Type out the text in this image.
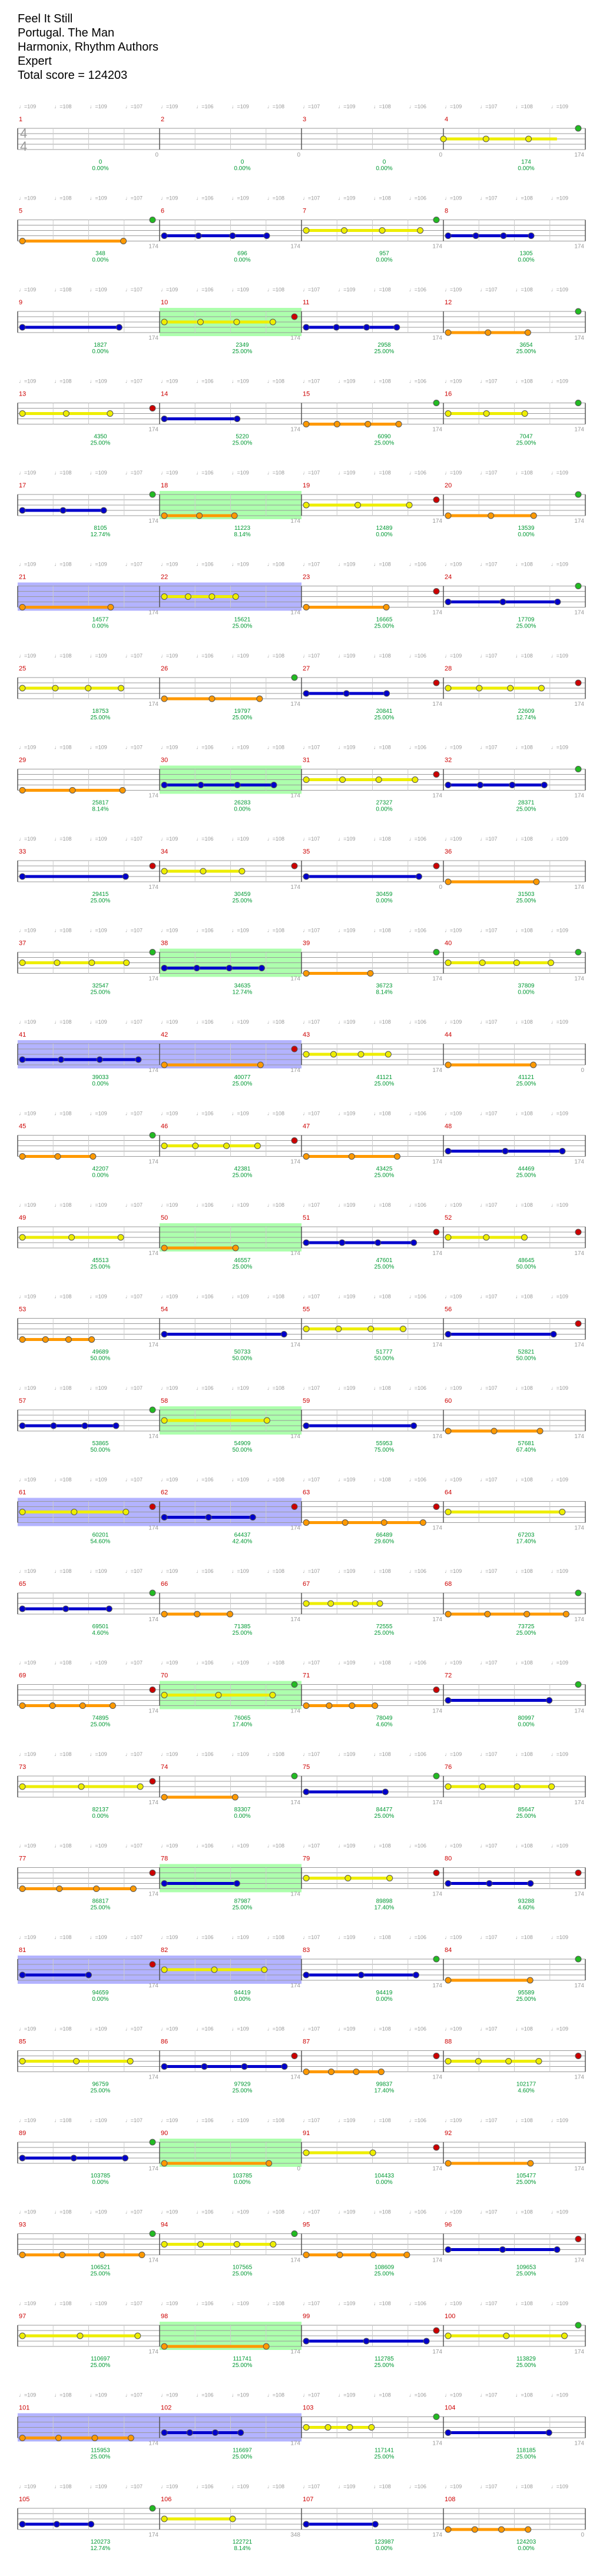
Feel It Still
Portugal. The Man
Harmonix, Rhythm Authors
Expert
Total score = 124203
♩=109	♩=108	♩=109	♩=107	♩=109	♩=106	♩=109	♩=108	♩=107	♩=109	♩=108	♩=106	♩=109	♩=107	♩=108	♩=109
1
0
0
0.00%
2
0
0
0.00%
3
0
0
0.00%
4
174
174
0.00%
4
4
♩=109	♩=108	♩=109	♩=107	♩=109	♩=106	♩=109	♩=108	♩=107	♩=109	♩=108	♩=106	♩=109	♩=107	♩=108	♩=109
5
174
348
0.00%
6
174
696
0.00%
7
174
957
0.00%
8
174
1305
0.00%
♩=109	♩=108	♩=109	♩=107	♩=109	♩=106	♩=109	♩=108	♩=107	♩=109	♩=108	♩=106	♩=109	♩=107	♩=108	♩=109
9
174
1827
0.00%
10
174
2349
25.00%
11
174
2958
25.00%
12
174
3654
25.00%
♩=109	♩=108	♩=109	♩=107	♩=109	♩=106	♩=109	♩=108	♩=107	♩=109	♩=108	♩=106	♩=109	♩=107	♩=108	♩=109
13
174
4350
25.00%
14
174
5220
25.00%
15
174
6090
25.00%
16
174
7047
25.00%
♩=109	♩=108	♩=109	♩=107	♩=109	♩=106	♩=109	♩=108	♩=107	♩=109	♩=108	♩=106	♩=109	♩=107	♩=108	♩=109
17
174
8105
12.74%
18
174
11223
8.14%
19
174
12489
0.00%
20
174
13539
0.00%
♩=109	♩=108	♩=109	♩=107	♩=109	♩=106	♩=109	♩=108	♩=107	♩=109	♩=108	♩=106	♩=109	♩=107	♩=108	♩=109
21
174
14577
0.00%
22
174
15621
25.00%
23
174
16665
25.00%
24
174
17709
25.00%
♩=109	♩=108	♩=109	♩=107	♩=109	♩=106	♩=109	♩=108	♩=107	♩=109	♩=108	♩=106	♩=109	♩=107	♩=108	♩=109
25
174
18753
25.00%
26
174
19797
25.00%
27
174
20841
25.00%
28
174
22609
12.74%
♩=109	♩=108	♩=109	♩=107	♩=109	♩=106	♩=109	♩=108	♩=107	♩=109	♩=108	♩=106	♩=109	♩=107	♩=108	♩=109
29
174
25817
8.14%
30
174
26283
0.00%
31
174
27327
0.00%
32
174
28371
25.00%
♩=109	♩=108	♩=109	♩=107	♩=109	♩=106	♩=109	♩=108	♩=107	♩=109	♩=108	♩=106	♩=109	♩=107	♩=108	♩=109
33
174
29415
25.00%
34
174
30459
25.00%
35
0
30459
0.00%
36
174
31503
25.00%
♩=109	♩=108	♩=109	♩=107	♩=109	♩=106	♩=109	♩=108	♩=107	♩=109	♩=108	♩=106	♩=109	♩=107	♩=108	♩=109
37
174
32547
25.00%
38
174
34635
12.74%
39
174
36723
8.14%
40
174
37809
0.00%
♩=109	♩=108	♩=109	♩=107	♩=109	♩=106	♩=109	♩=108	♩=107	♩=109	♩=108	♩=106	♩=109	♩=107	♩=108	♩=109
41
174
39033
0.00%
42
174
40077
25.00%
43
174
41121
25.00%
44
0
41121
25.00%
♩=109	♩=108	♩=109	♩=107	♩=109	♩=106	♩=109	♩=108	♩=107	♩=109	♩=108	♩=106	♩=109	♩=107	♩=108	♩=109
45
174
42207
0.00%
46
174
42381
25.00%
47
174
43425
25.00%
48
174
44469
25.00%
♩=109	♩=108	♩=109	♩=107	♩=109	♩=106	♩=109	♩=108	♩=107	♩=109	♩=108	♩=106	♩=109	♩=107	♩=108	♩=109
49
174
45513
25.00%
50
174
46557
25.00%
51
174
47601
25.00%
52
174
48645
50.00%
♩=109	♩=108	♩=109	♩=107	♩=109	♩=106	♩=109	♩=108	♩=107	♩=109	♩=108	♩=106	♩=109	♩=107	♩=108	♩=109
53
174
49689
50.00%
54
174
50733
50.00%
55
174
51777
50.00%
56
174
52821
50.00%
♩=109	♩=108	♩=109	♩=107	♩=109	♩=106	♩=109	♩=108	♩=107	♩=109	♩=108	♩=106	♩=109	♩=107	♩=108	♩=109
57
174
53865
50.00%
58
174
54909
50.00%
59
174
55953
75.00%
60
174
57681
67.40%
♩=109	♩=108	♩=109	♩=107	♩=109	♩=106	♩=109	♩=108	♩=107	♩=109	♩=108	♩=106	♩=109	♩=107	♩=108	♩=109
61
174
60201
54.60%
62
174
64437
42.40%
63
174
66489
29.60%
64
174
67203
17.40%
♩=109	♩=108	♩=109	♩=107	♩=109	♩=106	♩=109	♩=108	♩=107	♩=109	♩=108	♩=106	♩=109	♩=107	♩=108	♩=109
65
174
69501
4.60%
66
174
71385
25.00%
67
174
72555
25.00%
68
174
73725
25.00%
♩=109	♩=108	♩=109	♩=107	♩=109	♩=106	♩=109	♩=108	♩=107	♩=109	♩=108	♩=106	♩=109	♩=107	♩=108	♩=109
69
174
74895
25.00%
70
174
76065
17.40%
71
174
78049
4.60%
72
174
80997
0.00%
♩=109	♩=108	♩=109	♩=107	♩=109	♩=106	♩=109	♩=108	♩=107	♩=109	♩=108	♩=106	♩=109	♩=107	♩=108	♩=109
73
174
82137
0.00%
74
174
83307
0.00%
75
174
84477
25.00%
76
174
85647
25.00%
♩=109	♩=108	♩=109	♩=107	♩=109	♩=106	♩=109	♩=108	♩=107	♩=109	♩=108	♩=106	♩=109	♩=107	♩=108	♩=109
77
174
86817
25.00%
78
174
87987
25.00%
79
174
89898
17.40%
80
174
93288
4.60%
♩=109	♩=108	♩=109	♩=107	♩=109	♩=106	♩=109	♩=108	♩=107	♩=109	♩=108	♩=106	♩=109	♩=107	♩=108	♩=109
81
174
94659
0.00%
82
174
94419
0.00%
83
174
94419
0.00%
84
174
95589
25.00%
♩=109	♩=108	♩=109	♩=107	♩=109	♩=106	♩=109	♩=108	♩=107	♩=109	♩=108	♩=106	♩=109	♩=107	♩=108	♩=109
85
174
96759
25.00%
86
174
97929
25.00%
87
174
99837
17.40%
88
174
102177
4.60%
♩=109	♩=108	♩=109	♩=107	♩=109	♩=106	♩=109	♩=108	♩=107	♩=109	♩=108	♩=106	♩=109	♩=107	♩=108	♩=109
89
174
103785
0.00%
90
0
103785
0.00%
91
174
104433
0.00%
92
174
105477
25.00%
♩=109	♩=108	♩=109	♩=107	♩=109	♩=106	♩=109	♩=108	♩=107	♩=109	♩=108	♩=106	♩=109	♩=107	♩=108	♩=109
93
174
106521
25.00%
94
174
107565
25.00%
95
174
108609
25.00%
96
174
109653
25.00%
♩=109	♩=108	♩=109	♩=107	♩=109	♩=106	♩=109	♩=108	♩=107	♩=109	♩=108	♩=106	♩=109	♩=107	♩=108	♩=109
97
174
110697
25.00%
98
174
111741
25.00%
99
174
112785
25.00%
100
174
113829
25.00%
♩=109	♩=108	♩=109	♩=107	♩=109	♩=106	♩=109	♩=108	♩=107	♩=109	♩=108	♩=106	♩=109	♩=107	♩=108	♩=109
101
174
115953
25.00%
102
174
116697
25.00%
103
174
117141
25.00%
104
174
118185
25.00%
♩=109	♩=108	♩=109	♩=107	♩=109	♩=106	♩=109	♩=108	♩=107	♩=109	♩=108	♩=106	♩=109	♩=107	♩=108	♩=109
105
174
120273
12.74%
106
348
122721
8.14%
107
174
123987
0.00%
108
0
124203
0.00%
